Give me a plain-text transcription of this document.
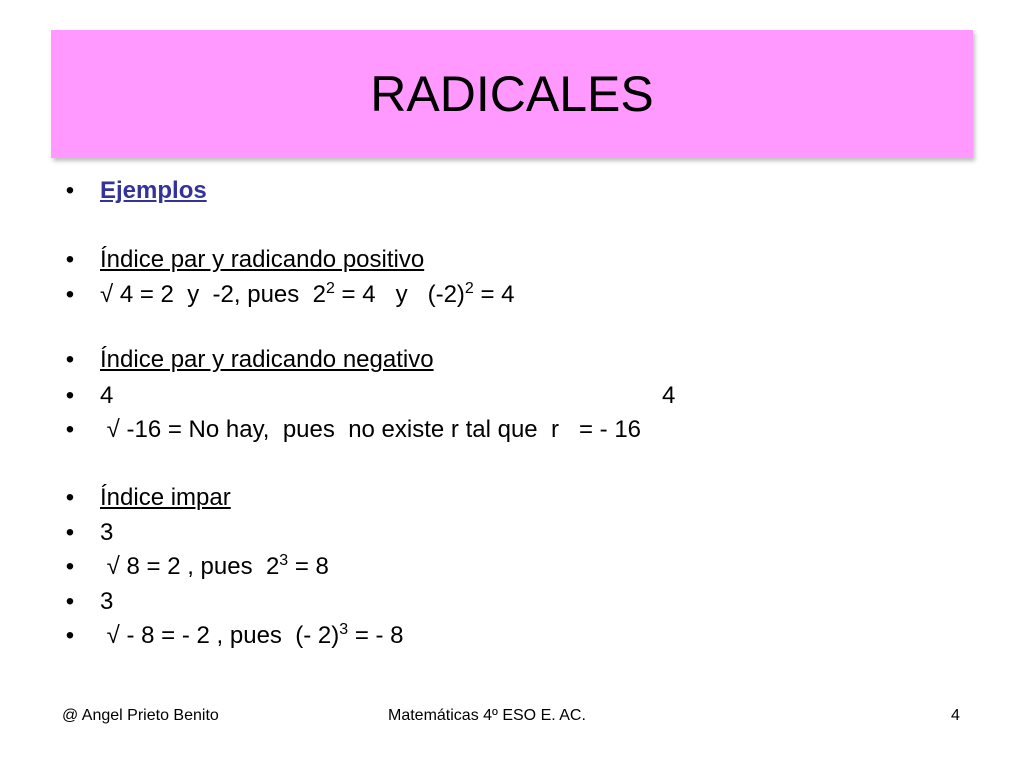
RADICALES

•

Ejemplos

•

Índice par y radicando positivo

•

√ 4 = 2  y  -2, pues  $2^2 = 4$   y   $(-2)^2 = 4$

•

Índice par y radicando negativo

•

4

	4

•

√ -16 = No hay,  pues  no existe r tal que  r   = - 16

•

Índice impar

•

3

•

√ 8 = 2 , pues  $2^3 = 8$

•

3

•

√ - 8 = - 2 , pues  (- 2)$^3$ = - 8

@ Angel Prieto Benito	Matemáticas 4º ESO E. AC.	4
